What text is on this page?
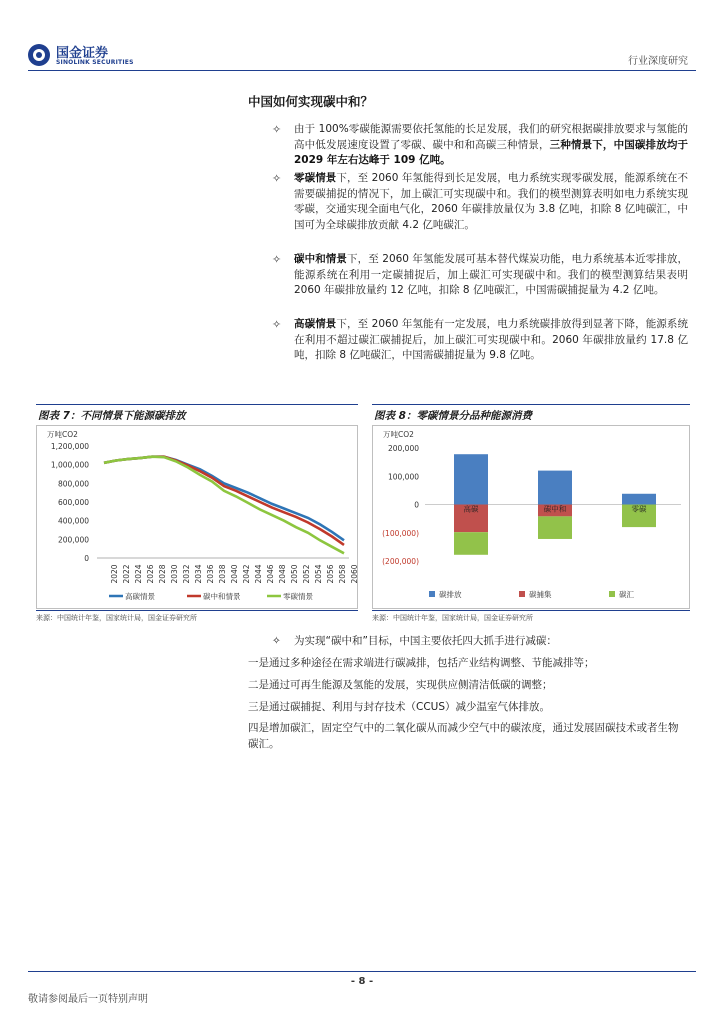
国金证券
SINOLINK SECURITIES	行业深度研究
中国如何实现碳中和？
✧ 由于 100%零碳能源需要依托氢能的长足发展，我们的研究根据碳排放要求与氢能的高中低发展速度设置了零碳、碳中和和高碳三种情景，三种情景下，中国碳排放均于 2029 年左右达峰于 109 亿吨。
✧ 零碳情景下，至 2060 年氢能得到长足发展，电力系统实现零碳发展，能源系统在不需要碳捕捉的情况下，加上碳汇可实现碳中和。我们的模型测算表明如电力系统实现零碳，交通实现全面电气化，2060 年碳排放量仅为 3.8 亿吨，扣除 8 亿吨碳汇，中国可为全球碳排放贡献 4.2 亿吨碳汇。
✧ 碳中和情景下，至 2060 年氢能发展可基本替代煤炭功能，电力系统基本近零排放，能源系统在利用一定碳捕捉后，加上碳汇可实现碳中和。我们的模型测算结果表明 2060 年碳排放量约 12 亿吨，扣除 8 亿吨碳汇，中国需碳捕捉量为 4.2 亿吨。
✧ 高碳情景下，至 2060 年氢能有一定发展，电力系统碳排放得到显著下降，能源系统在利用不超过碳汇碳捕捉后，加上碳汇可实现碳中和。2060 年碳排放量约 17.8 亿吨，扣除 8 亿吨碳汇，中国需碳捕捉量为 9.8 亿吨。
图表 7：不同情景下能源碳排放
万吨CO2
1,200,000
1,000,000
800,000
600,000
400,000
200,000
0
2020 2022 2024 2026 2028 2030 2032 2034 2036 2038 2040 2042 2044 2046 2048 2050 2052 2054 2056 2058 2060
高碳情景	碳中和情景	零碳情景
来源：中国统计年鉴，国家统计局，国金证券研究所
图表 8：零碳情景分品种能源消费
万吨CO2
200,000
100,000
0
(100,000)
(200,000)
高碳	碳中和	零碳
碳排放	碳捕集	碳汇
来源：中国统计年鉴，国家统计局，国金证券研究所
✧ 为实现“碳中和”目标，中国主要依托四大抓手进行减碳：
一是通过多种途径在需求端进行碳减排，包括产业结构调整、节能减排等；
二是通过可再生能源及氢能的发展，实现供应侧清洁低碳的调整；
三是通过碳捕捉、利用与封存技术（CCUS）减少温室气体排放。
四是增加碳汇，固定空气中的二氧化碳从而减少空气中的碳浓度，通过发展固碳技术或者生物碳汇。
- 8 -
敬请参阅最后一页特别声明
